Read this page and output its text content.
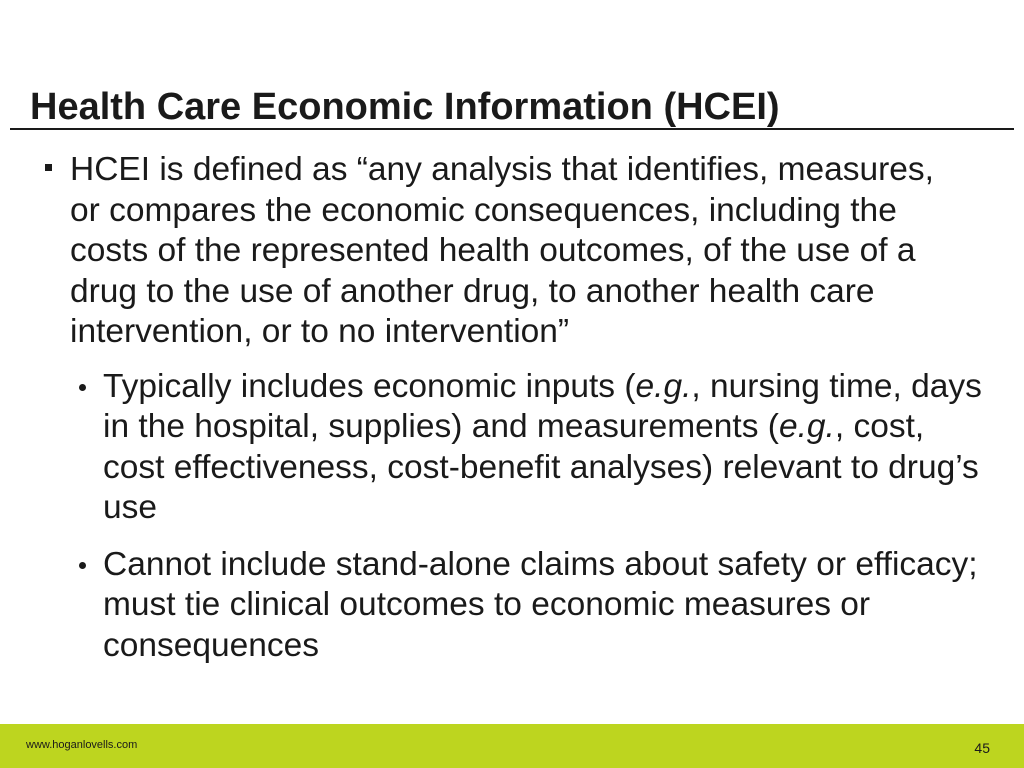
Health Care Economic Information (HCEI)
HCEI is defined as “any analysis that identifies, measures, or compares the economic consequences, including the costs of the represented health outcomes, of the use of a drug to the use of another drug, to another health care intervention, or to no intervention”
Typically includes economic inputs (e.g., nursing time, days in the hospital, supplies) and measurements (e.g., cost, cost effectiveness, cost-benefit analyses) relevant to drug’s use
Cannot include stand-alone claims about safety or efficacy; must tie clinical outcomes to economic measures or consequences
www.hoganlovells.com	45
